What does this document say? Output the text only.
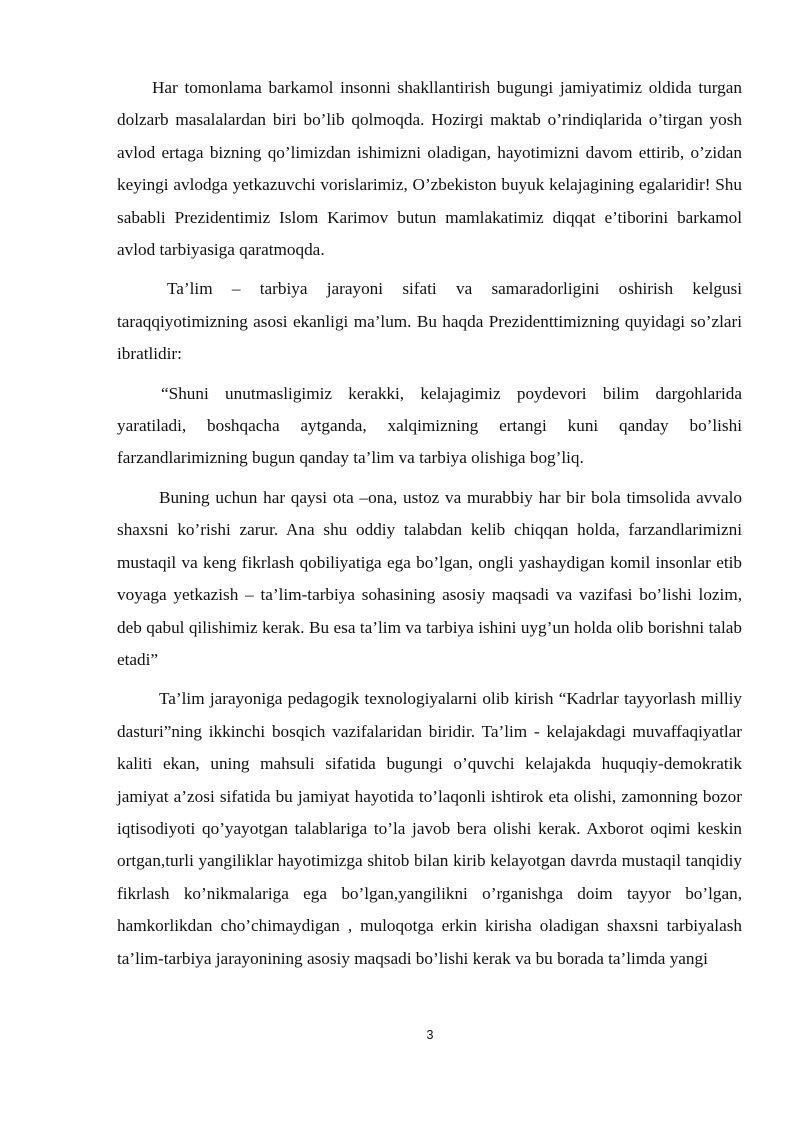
Har tomonlama barkamol insonni shakllantirish bugungi jamiyatimiz oldida turgan dolzarb masalalardan biri bo’lib qolmoqda. Hozirgi maktab o’rindiqlarida o’tirgan yosh avlod ertaga bizning qo’limizdan ishimizni oladigan, hayotimizni davom ettirib, o’zidan keyingi avlodga yetkazuvchi vorislarimiz, O’zbekiston buyuk kelajagining egalaridir! Shu sababli Prezidentimiz Islom Karimov butun mamlakatimiz diqqat e’tiborini barkamol avlod tarbiyasiga qaratmoqda.

Ta’lim – tarbiya jarayoni sifati va samaradorligini oshirish kelgusi taraqqiyotimizning asosi ekanligi ma’lum. Bu haqda Prezidenttimizning quyidagi so’zlari ibratlidir:

“Shuni unutmasligimiz kerakki, kelajagimiz poydevori bilim dargohlarida yaratiladi, boshqacha aytganda, xalqimizning ertangi kuni qanday bo’lishi farzandlarimizning bugun qanday ta’lim va tarbiya olishiga bog’liq.

Buning uchun har qaysi ota –ona, ustoz va murabbiy har bir bola timsolida avvalo shaxsni ko’rishi zarur. Ana shu oddiy talabdan kelib chiqqan holda, farzandlarimizni mustaqil va keng fikrlash qobiliyatiga ega bo’lgan, ongli yashaydigan komil insonlar etib voyaga yetkazish – ta’lim-tarbiya sohasining asosiy maqsadi va vazifasi bo’lishi lozim, deb qabul qilishimiz kerak. Bu esa ta’lim va tarbiya ishini uyg’un holda olib borishni talab etadi”

Ta’lim jarayoniga pedagogik texnologiyalarni olib kirish “Kadrlar tayyorlash milliy dasturi”ning ikkinchi bosqich vazifalaridan biridir. Ta’lim - kelajakdagi muvaffaqiyatlar kaliti ekan, uning mahsuli sifatida bugungi o’quvchi kelajakda huquqiy-demokratik jamiyat a’zosi sifatida bu jamiyat hayotida to’laqonli ishtirok eta olishi, zamonning bozor iqtisodiyoti qo’yayotgan talablariga to’la javob bera olishi kerak. Axborot oqimi keskin ortgan,turli yangiliklar hayotimizga shitob bilan kirib kelayotgan davrda mustaqil tanqidiy fikrlash ko’nikmalariga ega bo’lgan,yangilikni o’rganishga doim tayyor bo’lgan, hamkorlikdan cho’chimaydigan , muloqotga erkin kirisha oladigan shaxsni tarbiyalash ta’lim-tarbiya jarayonining asosiy maqsadi bo’lishi kerak va bu borada ta’limda yangi

3
